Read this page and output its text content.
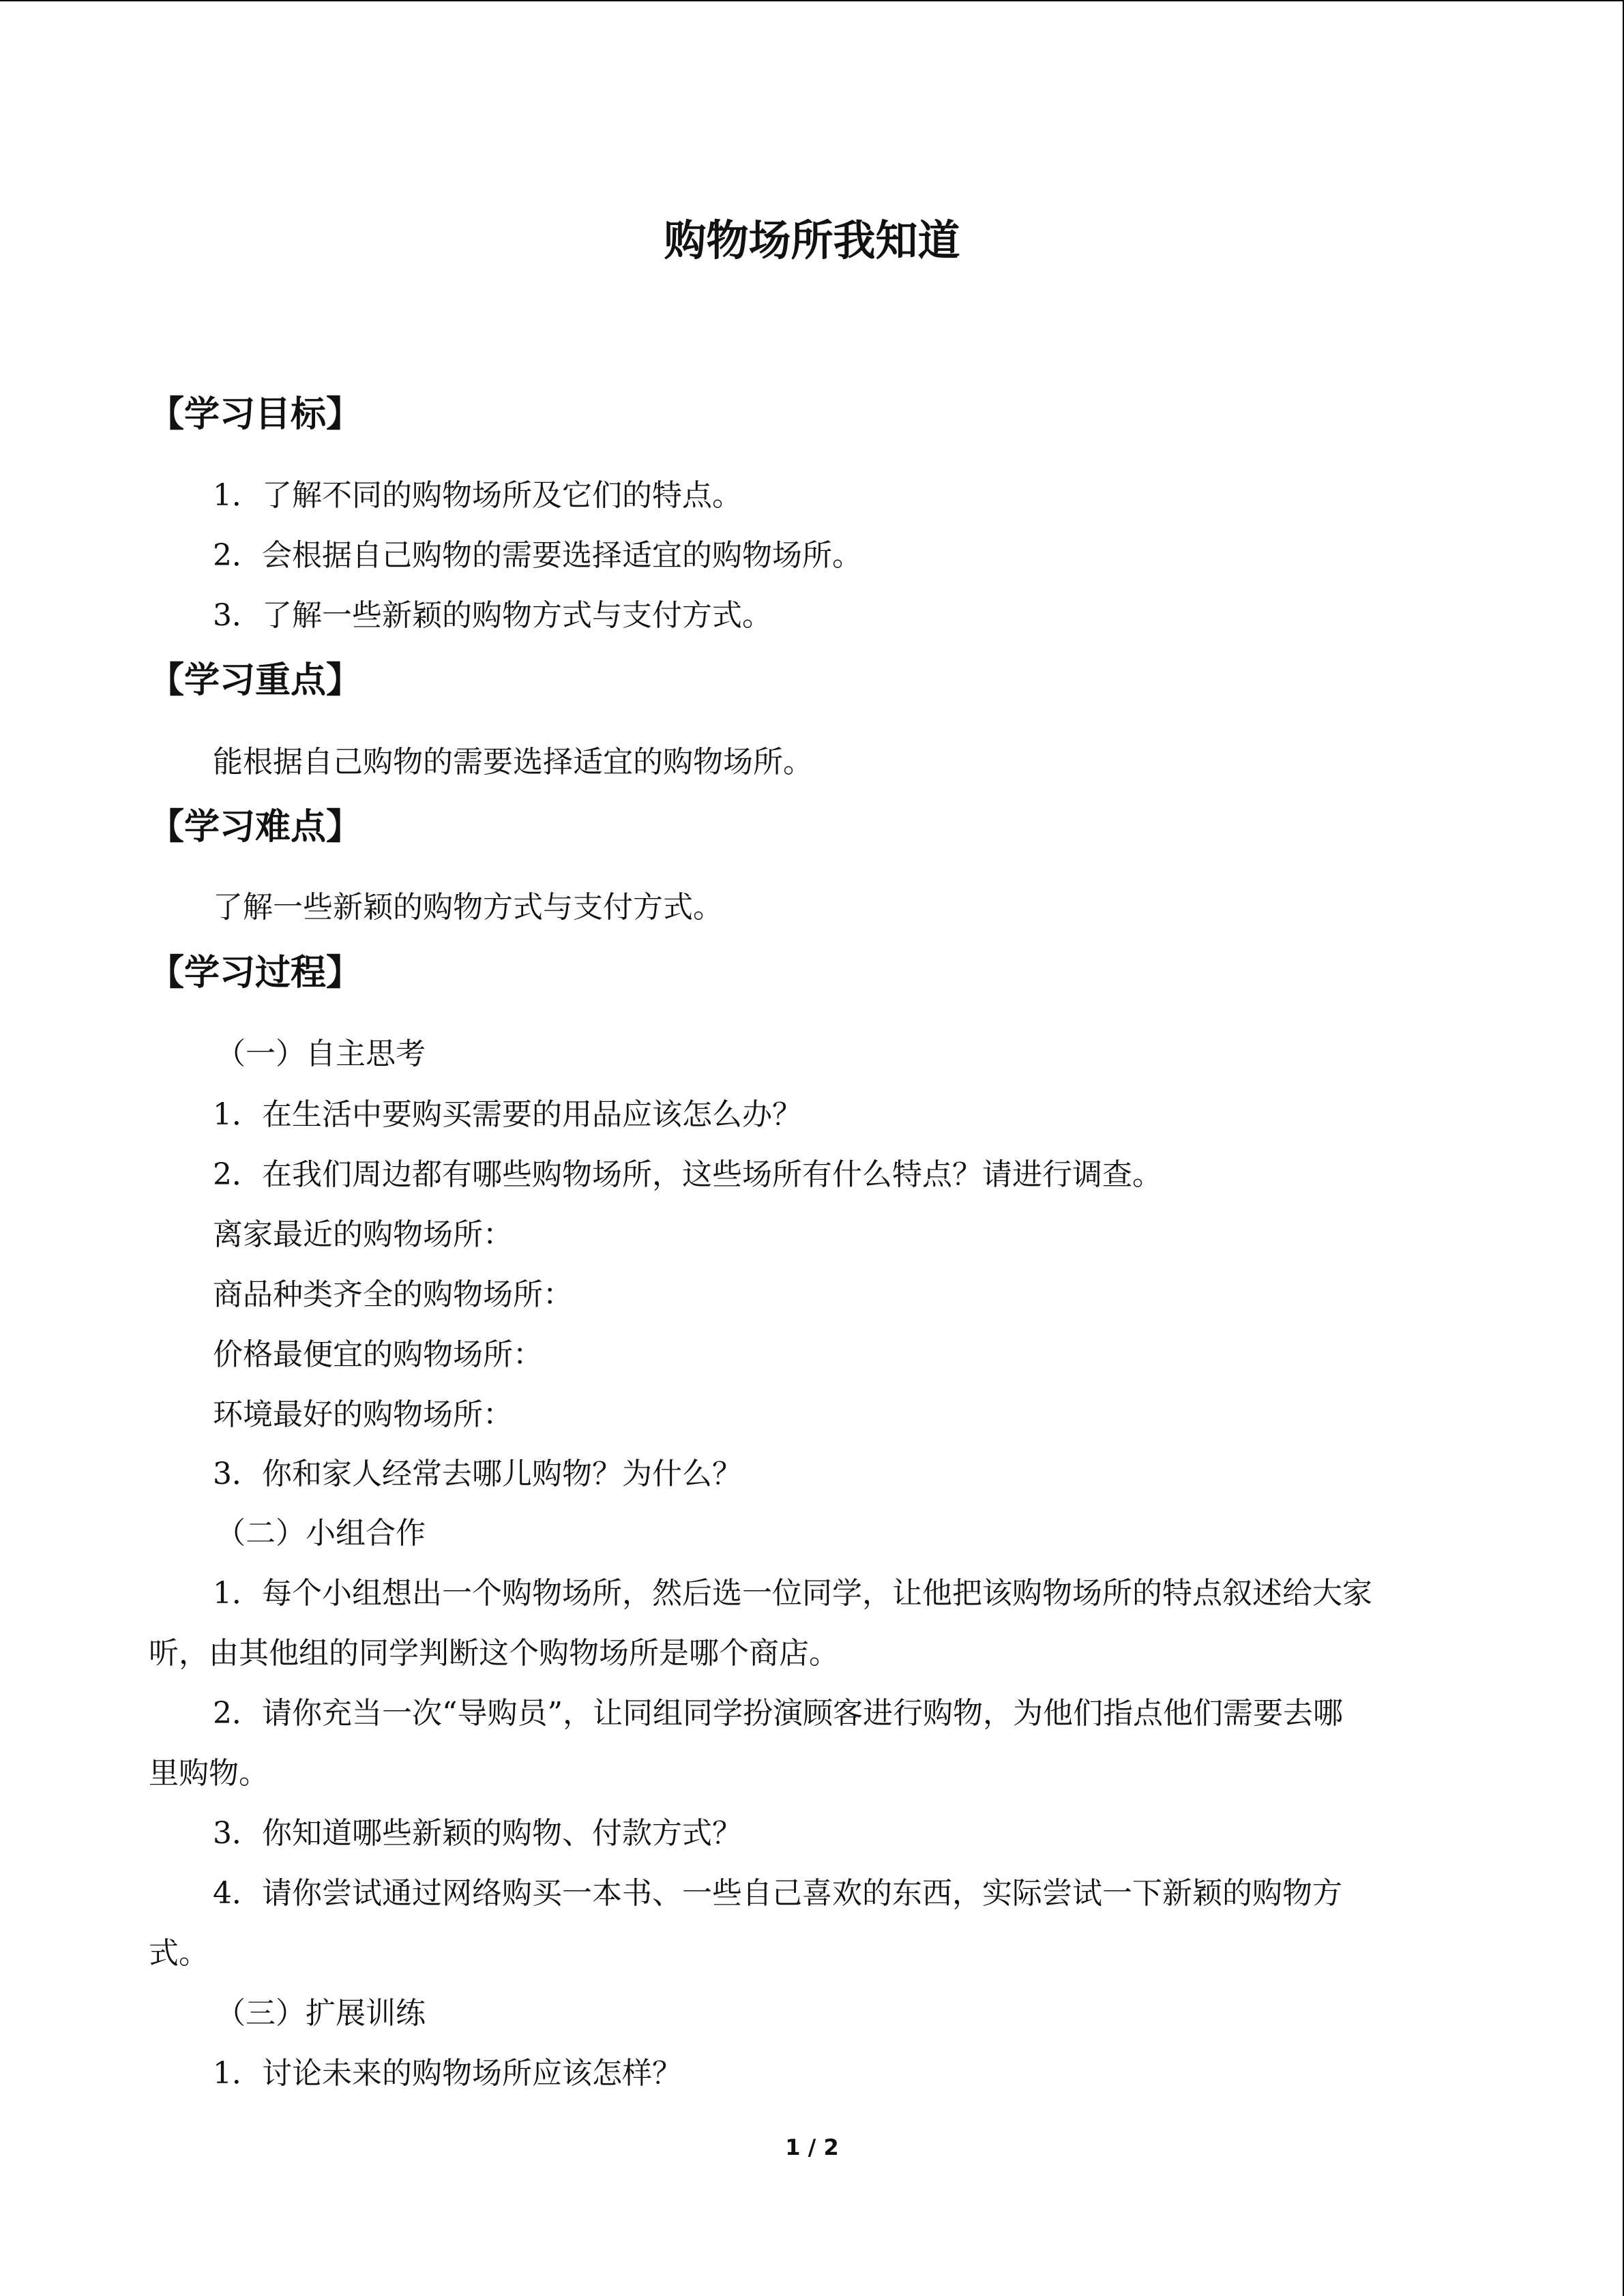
购物场所我知道
【学习目标】

1．了解不同的购物场所及它们的特点。

2．会根据自己购物的需要选择适宜的购物场所。

3．了解一些新颖的购物方式与支付方式。

【学习重点】

能根据自己购物的需要选择适宜的购物场所。

【学习难点】

了解一些新颖的购物方式与支付方式。

【学习过程】

（一）自主思考

1．在生活中要购买需要的用品应该怎么办？

2．在我们周边都有哪些购物场所，这些场所有什么特点？请进行调查。

离家最近的购物场所：

商品种类齐全的购物场所：

价格最便宜的购物场所：

环境最好的购物场所：

3．你和家人经常去哪儿购物？为什么？

（二）小组合作

1．每个小组想出一个购物场所，然后选一位同学，让他把该购物场所的特点叙述给大家

听，由其他组的同学判断这个购物场所是哪个商店。

2．请你充当一次“导购员”，让同组同学扮演顾客进行购物，为他们指点他们需要去哪

里购物。

3．你知道哪些新颖的购物、付款方式？

4．请你尝试通过网络购买一本书、一些自己喜欢的东西，实际尝试一下新颖的购物方

式。

（三）扩展训练

1．讨论未来的购物场所应该怎样？

1 / 2
